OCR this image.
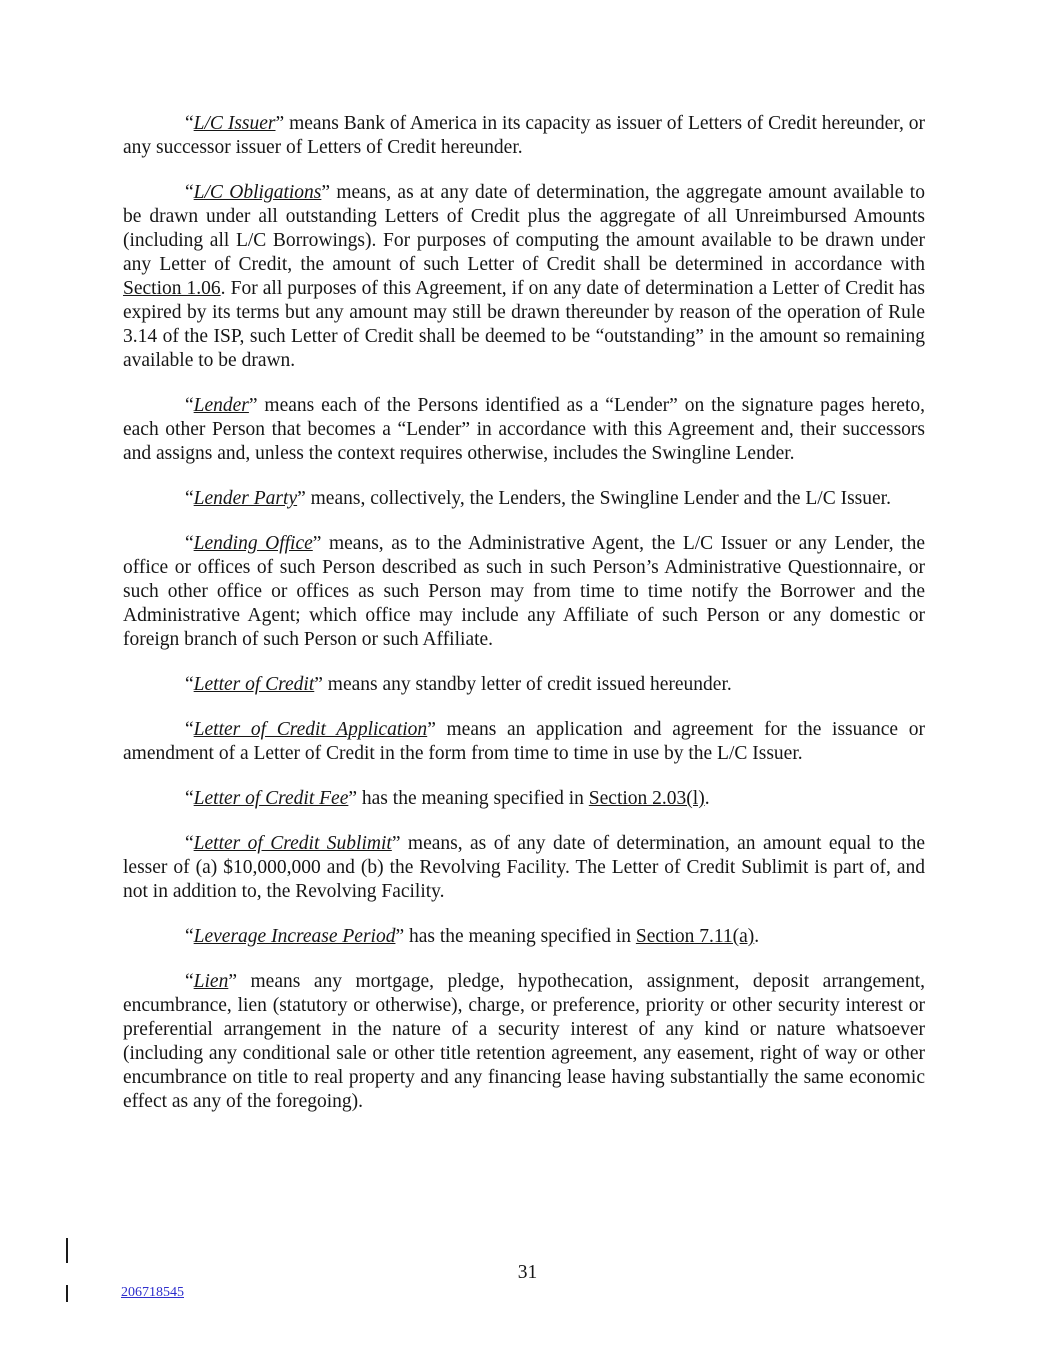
“L/C Issuer” means Bank of America in its capacity as issuer of Letters of Credit hereunder, or any successor issuer of Letters of Credit hereunder.

“L/C Obligations” means, as at any date of determination, the aggregate amount available to be drawn under all outstanding Letters of Credit plus the aggregate of all Unreimbursed Amounts (including all L/C Borrowings). For purposes of computing the amount available to be drawn under any Letter of Credit, the amount of such Letter of Credit shall be determined in accordance with Section 1.06. For all purposes of this Agreement, if on any date of determination a Letter of Credit has expired by its terms but any amount may still be drawn thereunder by reason of the operation of Rule 3.14 of the ISP, such Letter of Credit shall be deemed to be “outstanding” in the amount so remaining available to be drawn.

“Lender” means each of the Persons identified as a “Lender” on the signature pages hereto, each other Person that becomes a “Lender” in accordance with this Agreement and, their successors and assigns and, unless the context requires otherwise, includes the Swingline Lender.

“Lender Party” means, collectively, the Lenders, the Swingline Lender and the L/C Issuer.

“Lending Office” means, as to the Administrative Agent, the L/C Issuer or any Lender, the office or offices of such Person described as such in such Person’s Administrative Questionnaire, or such other office or offices as such Person may from time to time notify the Borrower and the Administrative Agent; which office may include any Affiliate of such Person or any domestic or foreign branch of such Person or such Affiliate.

“Letter of Credit” means any standby letter of credit issued hereunder.

“Letter of Credit Application” means an application and agreement for the issuance or amendment of a Letter of Credit in the form from time to time in use by the L/C Issuer.

“Letter of Credit Fee” has the meaning specified in Section 2.03(l).

“Letter of Credit Sublimit” means, as of any date of determination, an amount equal to the lesser of (a) $10,000,000 and (b) the Revolving Facility. The Letter of Credit Sublimit is part of, and not in addition to, the Revolving Facility.

“Leverage Increase Period” has the meaning specified in Section 7.11(a).

“Lien” means any mortgage, pledge, hypothecation, assignment, deposit arrangement, encumbrance, lien (statutory or otherwise), charge, or preference, priority or other security interest or preferential arrangement in the nature of a security interest of any kind or nature whatsoever (including any conditional sale or other title retention agreement, any easement, right of way or other encumbrance on title to real property and any financing lease having substantially the same economic effect as any of the foregoing).

31
206718545
